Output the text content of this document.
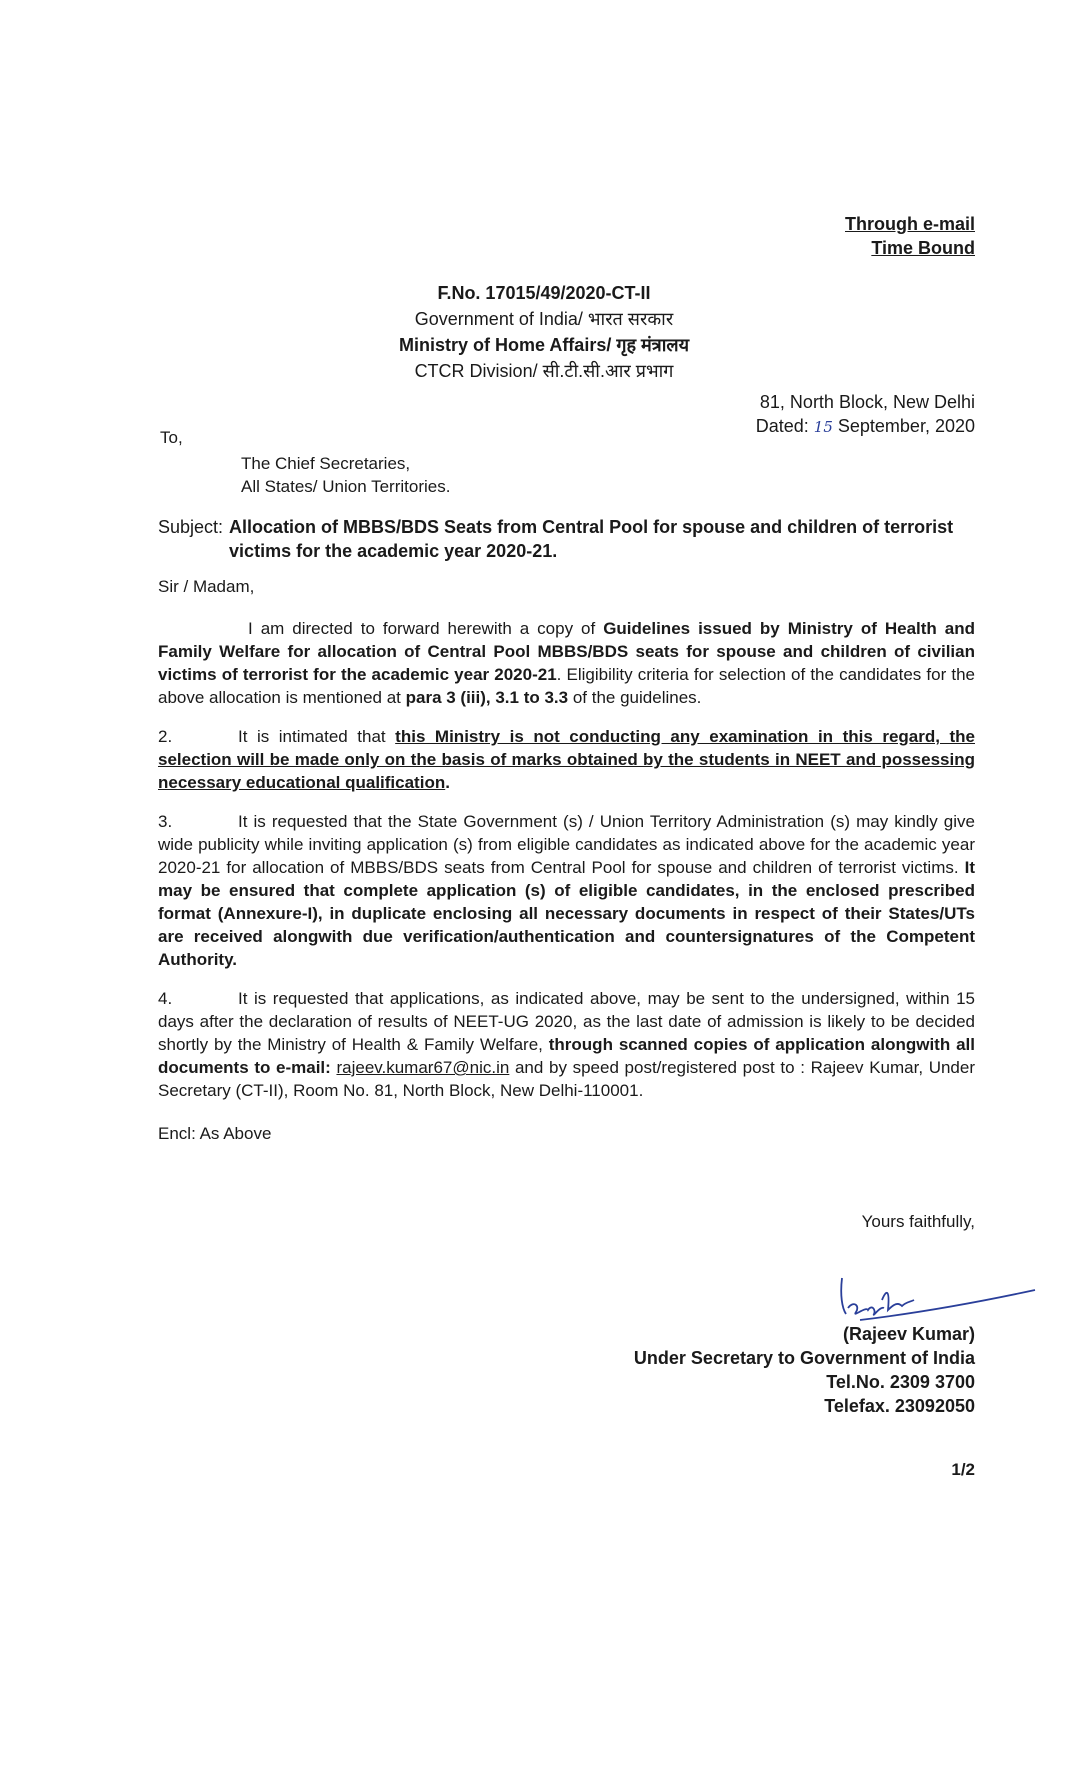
Through e-mail
Time Bound
F.No. 17015/49/2020-CT-II
Government of India/ भारत सरकार
Ministry of Home Affairs/ गृह मंत्रालय
CTCR Division/ सी.टी.सी.आर प्रभाग
81, North Block, New Delhi
Dated: 15 September, 2020
To,
The Chief Secretaries,
All States/ Union Territories.
Subject: Allocation of MBBS/BDS Seats from Central Pool for spouse and children of terrorist victims for the academic year 2020-21.
Sir / Madam,

I am directed to forward herewith a copy of Guidelines issued by Ministry of Health and Family Welfare for allocation of Central Pool MBBS/BDS seats for spouse and children of civilian victims of terrorist for the academic year 2020-21. Eligibility criteria for selection of the candidates for the above allocation is mentioned at para 3 (iii), 3.1 to 3.3 of the guidelines.

2.	It is intimated that this Ministry is not conducting any examination in this regard, the selection will be made only on the basis of marks obtained by the students in NEET and possessing necessary educational qualification.

3.	It is requested that the State Government (s) / Union Territory Administration (s) may kindly give wide publicity while inviting application (s) from eligible candidates as indicated above for the academic year 2020-21 for allocation of MBBS/BDS seats from Central Pool for spouse and children of terrorist victims. It may be ensured that complete application (s) of eligible candidates, in the enclosed prescribed format (Annexure-I), in duplicate enclosing all necessary documents in respect of their States/UTs are received alongwith due verification/authentication and countersignatures of the Competent Authority.

4.	It is requested that applications, as indicated above, may be sent to the undersigned, within 15 days after the declaration of results of NEET-UG 2020, as the last date of admission is likely to be decided shortly by the Ministry of Health & Family Welfare, through scanned copies of application alongwith all documents to e-mail: rajeev.kumar67@nic.in and by speed post/registered post to : Rajeev Kumar, Under Secretary (CT-II), Room No. 81, North Block, New Delhi-110001.

Encl: As Above

Yours faithfully,
(Rajeev Kumar)
Under Secretary to Government of India
Tel.No. 2309 3700
Telefax. 23092050
1/2
